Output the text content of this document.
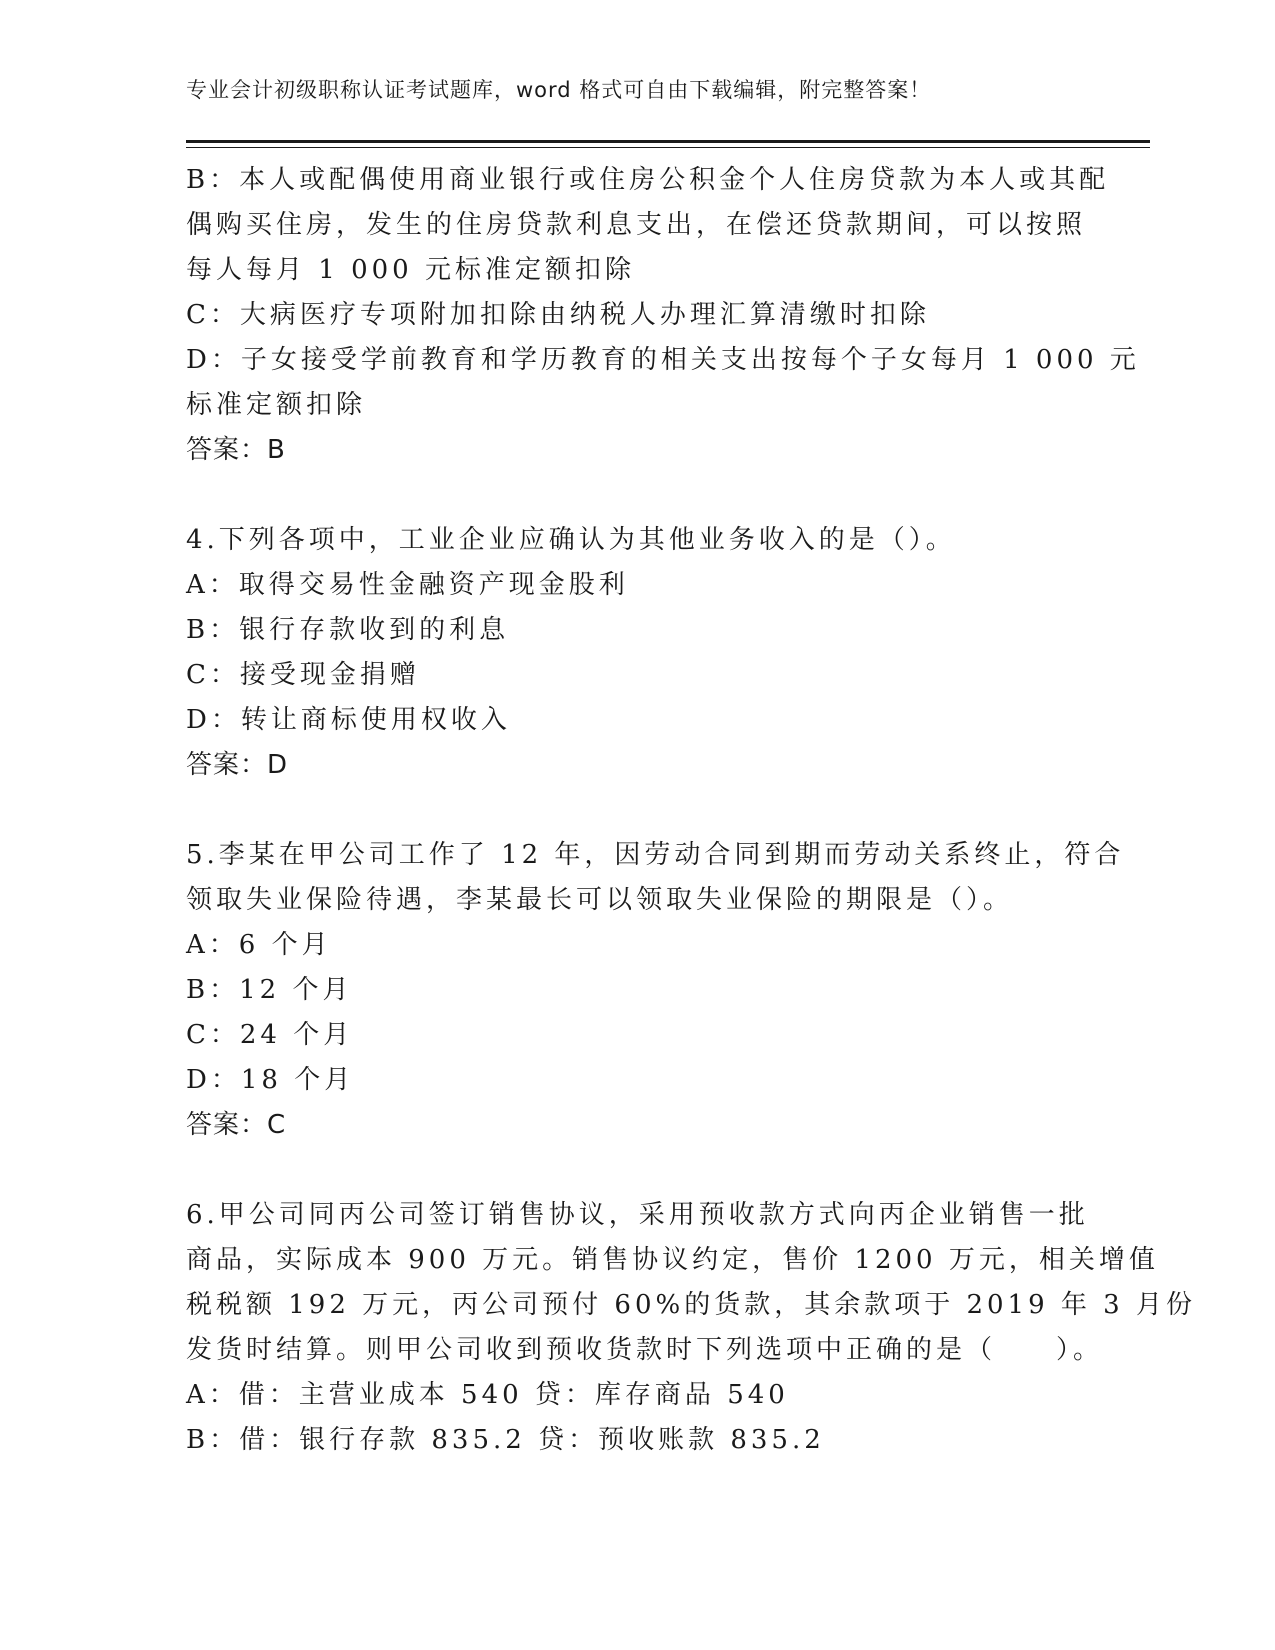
专业会计初级职称认证考试题库，word 格式可自由下载编辑，附完整答案！
B：本人或配偶使用商业银行或住房公积金个人住房贷款为本人或其配
偶购买住房，发生的住房贷款利息支出，在偿还贷款期间，可以按照
每人每月 1 000 元标准定额扣除
C：大病医疗专项附加扣除由纳税人办理汇算清缴时扣除
D：子女接受学前教育和学历教育的相关支出按每个子女每月 1 000 元
标准定额扣除
答案：B
4.下列各项中，工业企业应确认为其他业务收入的是（）。
A：取得交易性金融资产现金股利
B：银行存款收到的利息
C：接受现金捐赠
D：转让商标使用权收入
答案：D
5.李某在甲公司工作了 12 年，因劳动合同到期而劳动关系终止，符合
领取失业保险待遇，李某最长可以领取失业保险的期限是（）。
A：6 个月
B：12 个月
C：24 个月
D：18 个月
答案：C
6.甲公司同丙公司签订销售协议，采用预收款方式向丙企业销售一批
商品，实际成本 900 万元。销售协议约定，售价 1200 万元，相关增值
税税额 192 万元，丙公司预付 60%的货款，其余款项于 2019 年 3 月份
发货时结算。则甲公司收到预收货款时下列选项中正确的是（　　）。
A：借：主营业成本 540 贷：库存商品 540
B：借：银行存款 835.2 贷：预收账款 835.2
